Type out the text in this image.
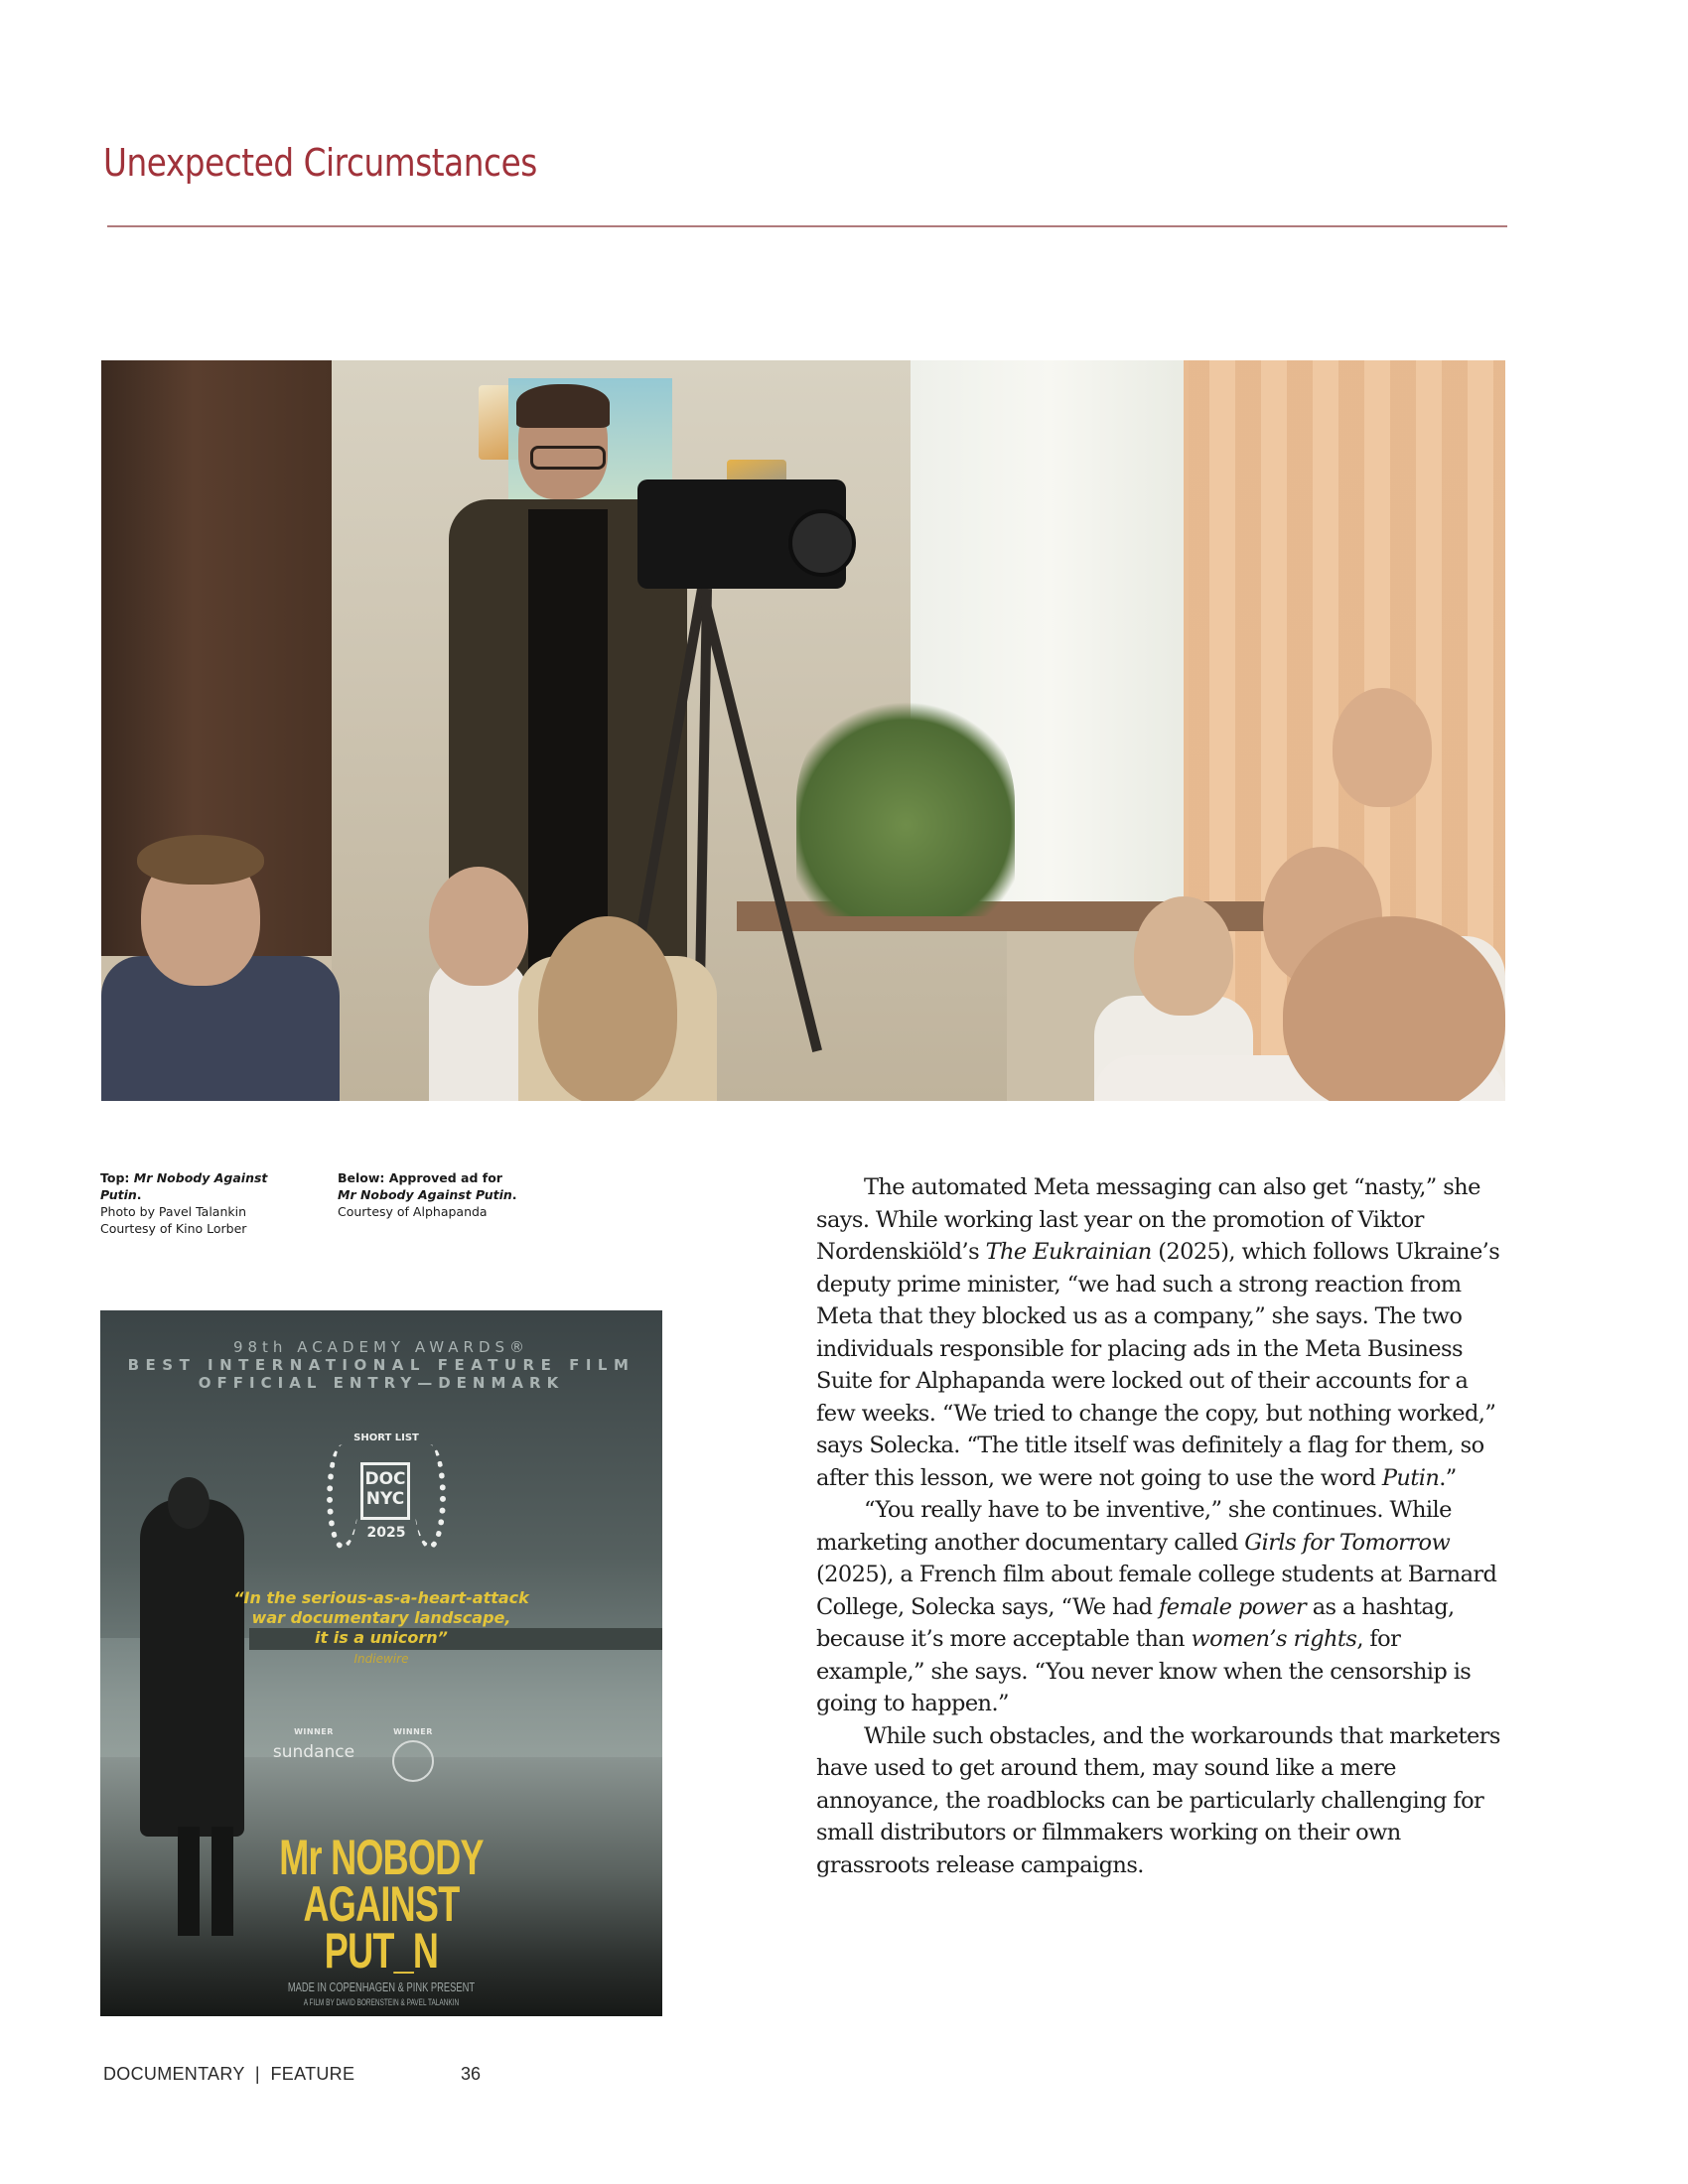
Unexpected Circumstances
Top: Mr Nobody Against
Putin.
Photo by Pavel Talankin
Courtesy of Kino Lorber
Below: Approved ad for
Mr Nobody Against Putin.
Courtesy of Alphapanda
98th ACADEMY AWARDS®
BEST INTERNATIONAL FEATURE FILM
OFFICIAL ENTRY—DENMARK
SHORT LIST
DOC
NYC
2025
“In the serious-as-a-heart-attack
war documentary landscape,
it is a unicorn”
Indiewire
WINNER
sundance
WINNER
Mr NOBODY
AGAINST
PUT_N
MADE IN COPENHAGEN & PINK PRESENT
A FILM BY DAVID BORENSTEIN & PAVEL TALANKIN

The automated Meta messaging can also get “nasty,” she says. While working last year on the promotion of Viktor Nordenskiöld’s The Eukrainian (2025), which follows Ukraine’s deputy prime minister, “we had such a strong reaction from Meta that they blocked us as a company,” she says. The two individuals responsible for placing ads in the Meta Business Suite for Alphapanda were locked out of their accounts for a few weeks. “We tried to change the copy, but nothing worked,” says Solecka. “The title itself was definitely a flag for them, so after this lesson, we were not going to use the word Putin.”

“You really have to be inventive,” she continues. While marketing another documentary called Girls for Tomorrow (2025), a French film about female college students at Barnard College, Solecka says, “We had female power as a hashtag, because it’s more acceptable than women’s rights, for example,” she says. “You never know when the censorship is going to happen.”

While such obstacles, and the workarounds that marketers have used to get around them, may sound like a mere annoyance, the roadblocks can be particularly challenging for small distributors or filmmakers working on their own grassroots release campaigns.

DOCUMENTARY  |  FEATURE	36
